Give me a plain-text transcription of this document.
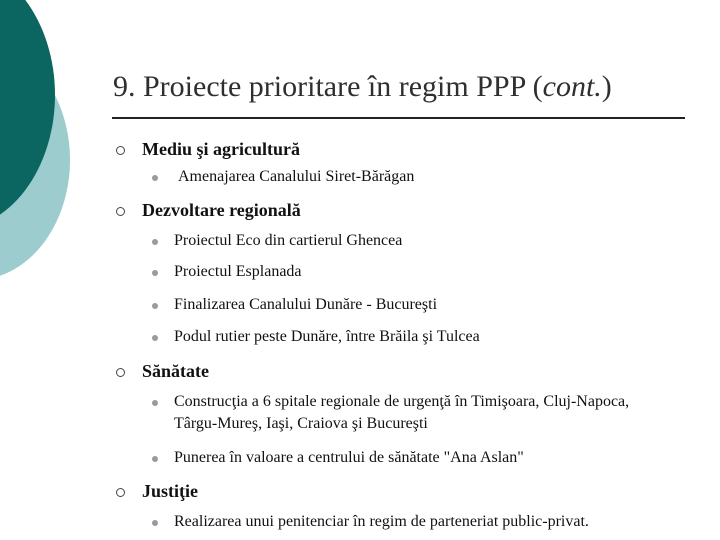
9. Proiecte prioritare în regim PPP (cont.)
Mediu şi agricultură
Amenajarea Canalului Siret-Bărăgan
Dezvoltare regională
Proiectul Eco din cartierul Ghencea
Proiectul Esplanada
Finalizarea Canalului Dunăre - Bucureşti
Podul rutier peste Dunăre, între Brăila şi Tulcea
Sănătate
Construcţia a 6 spitale regionale de urgenţă în Timişoara, Cluj-Napoca, Târgu-Mureş, Iaşi, Craiova şi Bucureşti
Punerea în valoare a centrului de sănătate "Ana Aslan"
Justiţie
Realizarea unui penitenciar în regim de parteneriat public-privat.
